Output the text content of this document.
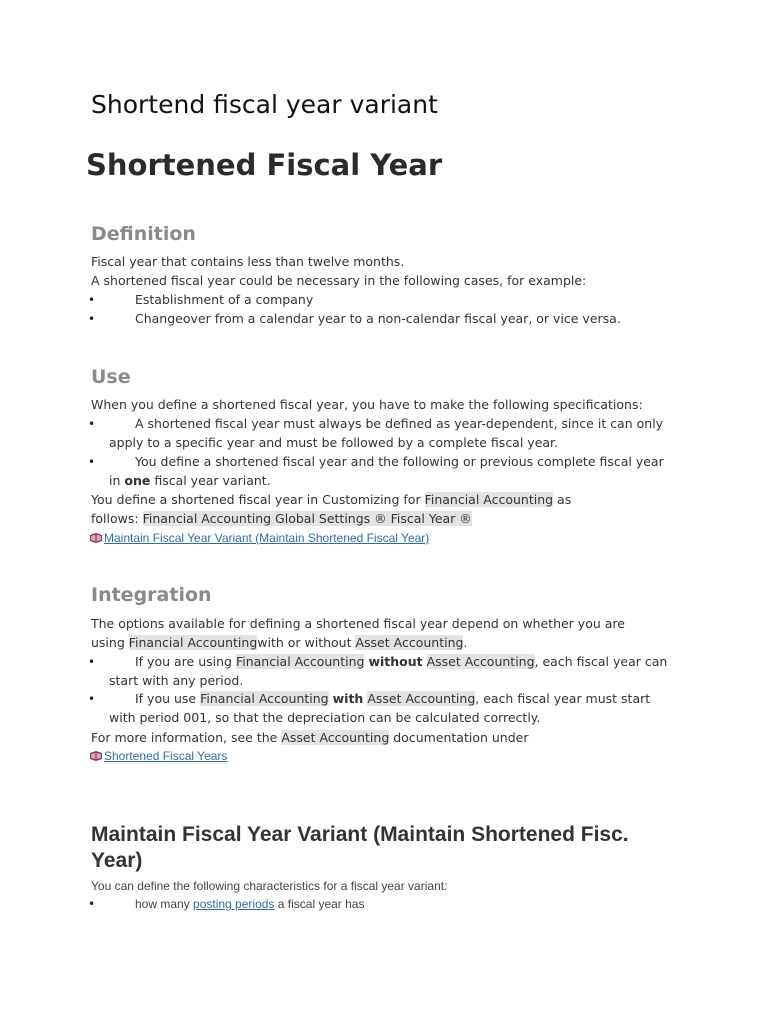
Shortend fiscal year variant
Shortened Fiscal Year
Definition
Fiscal year that contains less than twelve months.
A shortened fiscal year could be necessary in the following cases, for example:
•	Establishment of a company
•	Changeover from a calendar year to a non-calendar fiscal year, or vice versa.
Use
When you define a shortened fiscal year, you have to make the following specifications:
•	A shortened fiscal year must always be defined as year-dependent, since it can only
apply to a specific year and must be followed by a complete fiscal year.
•	You define a shortened fiscal year and the following or previous complete fiscal year
in one fiscal year variant.
You define a shortened fiscal year in Customizing for Financial Accounting as
follows: Financial Accounting Global Settings ® Fiscal Year ®
Maintain Fiscal Year Variant (Maintain Shortened Fiscal Year)
Integration
The options available for defining a shortened fiscal year depend on whether you are
using Financial Accountingwith or without Asset Accounting.
•	If you are using Financial Accounting without Asset Accounting, each fiscal year can
start with any period.
•	If you use Financial Accounting with Asset Accounting, each fiscal year must start
with period 001, so that the depreciation can be calculated correctly.
For more information, see the Asset Accounting documentation under
Shortened Fiscal Years
Maintain Fiscal Year Variant (Maintain Shortened Fisc.
Year)
You can define the following characteristics for a fiscal year variant:
•	how many posting periods a fiscal year has
